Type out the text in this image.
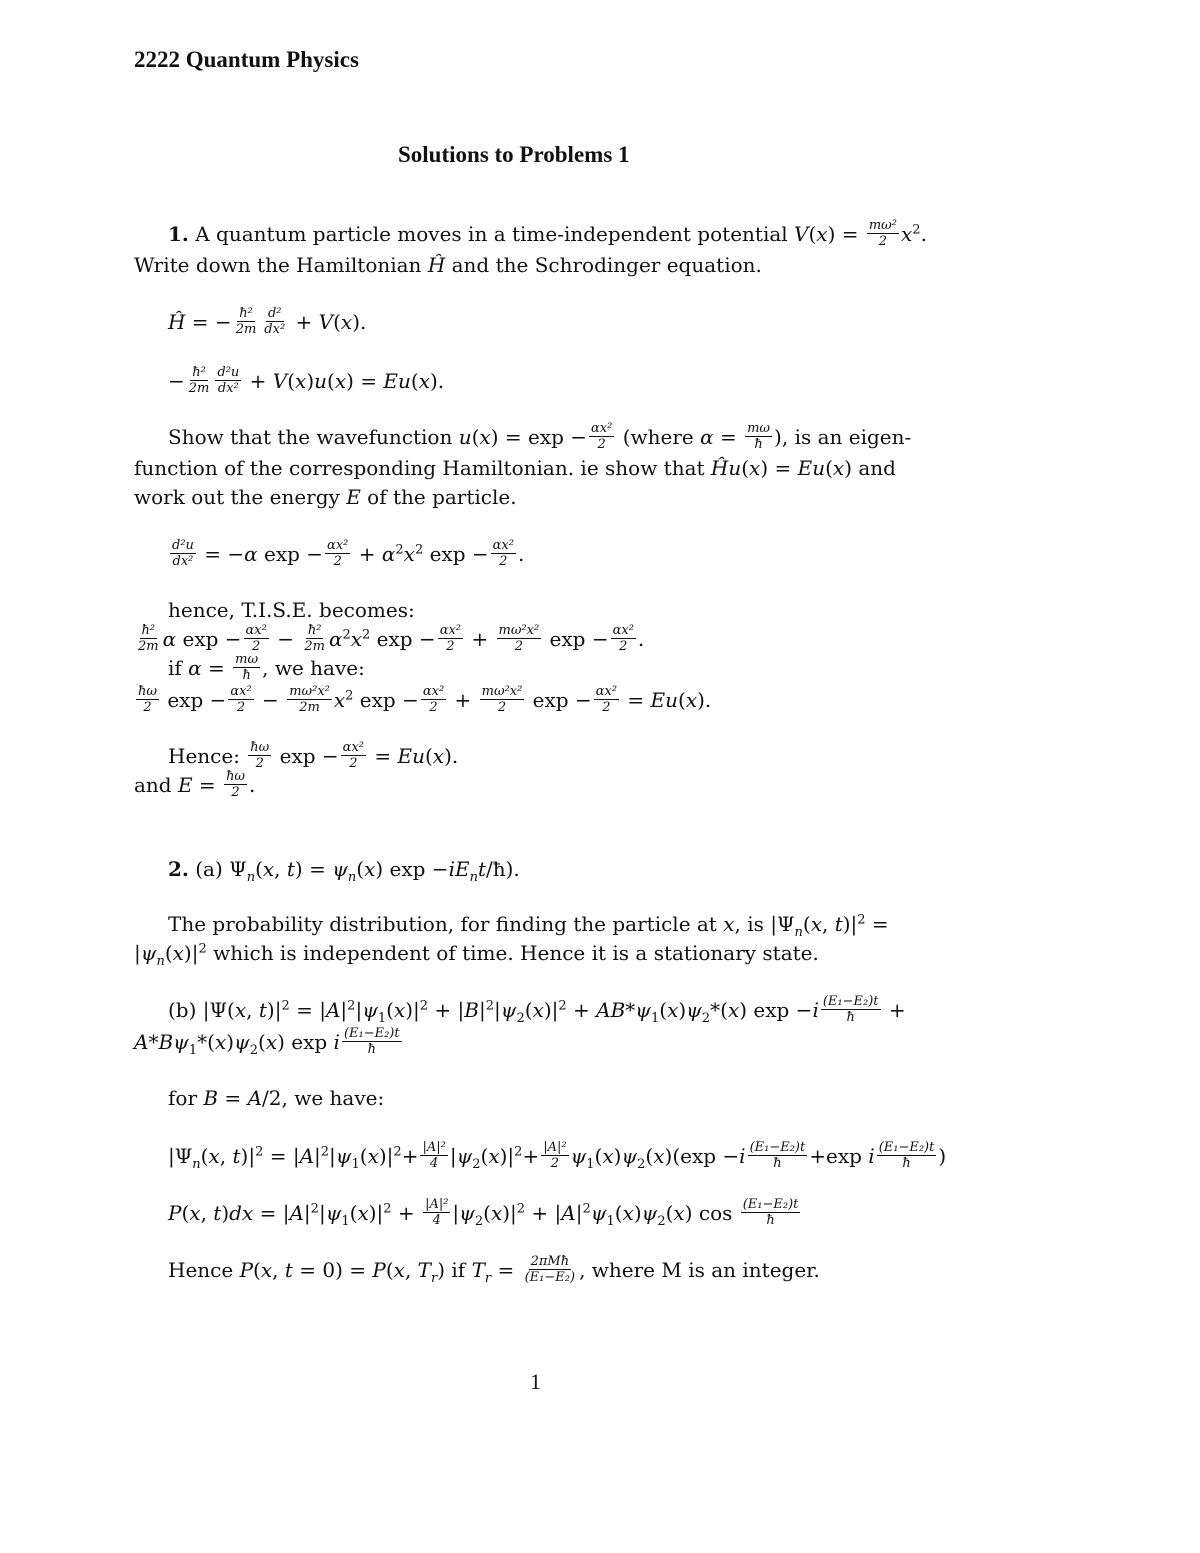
2222 Quantum Physics
Solutions to Problems 1
1. A quantum particle moves in a time-independent potential $V(x) = \frac{\text{mω²}}{2} x^2$.
Write down the Hamiltonian Ĥ and the Schrodinger equation.
Ĥ = − $\frac{\text{ħ²}}{2m} \frac{\text{d²}}{\text{dx²}} + V(x)$.
− $\frac{\text{ħ²}}{2m} \frac{\text{d²u}}{\text{dx²}} + V(x)u(x) = Eu(x)$.
Show that the wavefunction $u(x) = \exp - \frac{\text{αx²}}{2}$ (where $\alpha = \frac{m\omega}{ħ}$ ), is an eigen-
function of the corresponding Hamiltonian. ie show that Ĥu(x) = Eu(x) and
work out the energy E of the particle.
$\frac{\text{d²u}}{\text{dx²}} = -\alpha$ $\exp - \frac{\text{αx²}}{2} + \alpha^2x^2$ $\exp - \frac{\text{αx²}}{2}$ .
hence, T.I.S.E. becomes:
$\frac{\text{ħ²}}{2m}$ α $\exp - \frac{\text{αx²}}{2} - \frac{\text{ħ²}}{2m} \alpha^2x^2$ $\exp - \frac{\text{αx²}}{2} + \frac{\text{mω²x²}}{2}$ $\exp - \frac{\text{αx²}}{2}$ .
if $\alpha = \frac{m\omega}{ħ}$ , we have:
$\frac{ħ\omega}{2}$ $\exp - \frac{\text{αx²}}{2} - \frac{\text{mω²x²}}{2m} x^2$ $\exp - \frac{\text{αx²}}{2} + \frac{\text{mω²x²}}{2}$ $\exp - \frac{\text{αx²}}{2} = Eu(x)$.
Hence: $\frac{ħ\omega}{2}$ $\exp - \frac{\text{αx²}}{2} = Eu(x)$.
and $E = \frac{ħ\omega}{2}$ .
2. (a) $\Psi_n(x$, $t) = \psi_n(x)$ $\exp -iE_nt/ħ$).
The probability distribution, for finding the particle at x, is $|\Psi_n(x$, $t)|^2$ =
$|\psi_n(x)|^2$ which is independent of time. Hence it is a stationary state.
(b) |Ψ(x, $t)|^2 = |A|^2|\psi_1(x)|^2 + |B|^2|\psi_2(x)|^2 + AB*\psi_1(x)\psi_2*(x)$ $\exp -i \frac{\text{(E₁−E₂)t}}{ħ}$ +
$A*B\psi_1*(x)\psi_2(x)$ exp i $\frac{\text{(E₁−E₂)t}}{ħ}$
for B = A/2, we have:
$|\Psi_n(x$, $t)|^2 = |A|^2|\psi_1(x)|^2+ \frac{\text{|A|²}}{4} |\psi_2(x)|^2+ \frac{\text{|A|²}}{2} \psi_1(x)\psi_2(x)(\exp -i \frac{\text{(E₁−E₂)t}}{ħ} +\exp$ i $\frac{\text{(E₁−E₂)t}}{ħ}$ )
P(x, $t)dx = |A|^2|\psi_1(x)|^2 + \frac{\text{|A|²}}{4} |\psi_2(x)|^2 + |A|^2\psi_1(x)\psi_2(x)$ $\cos \frac{\text{(E₁−E₂)t}}{ħ}$
Hence P(x, t = 0) = P(x, $T_r$) if $T_r = \frac{\text{2πMħ}}{\text{(E₁−E₂)}}$ , where M is an integer.
1
